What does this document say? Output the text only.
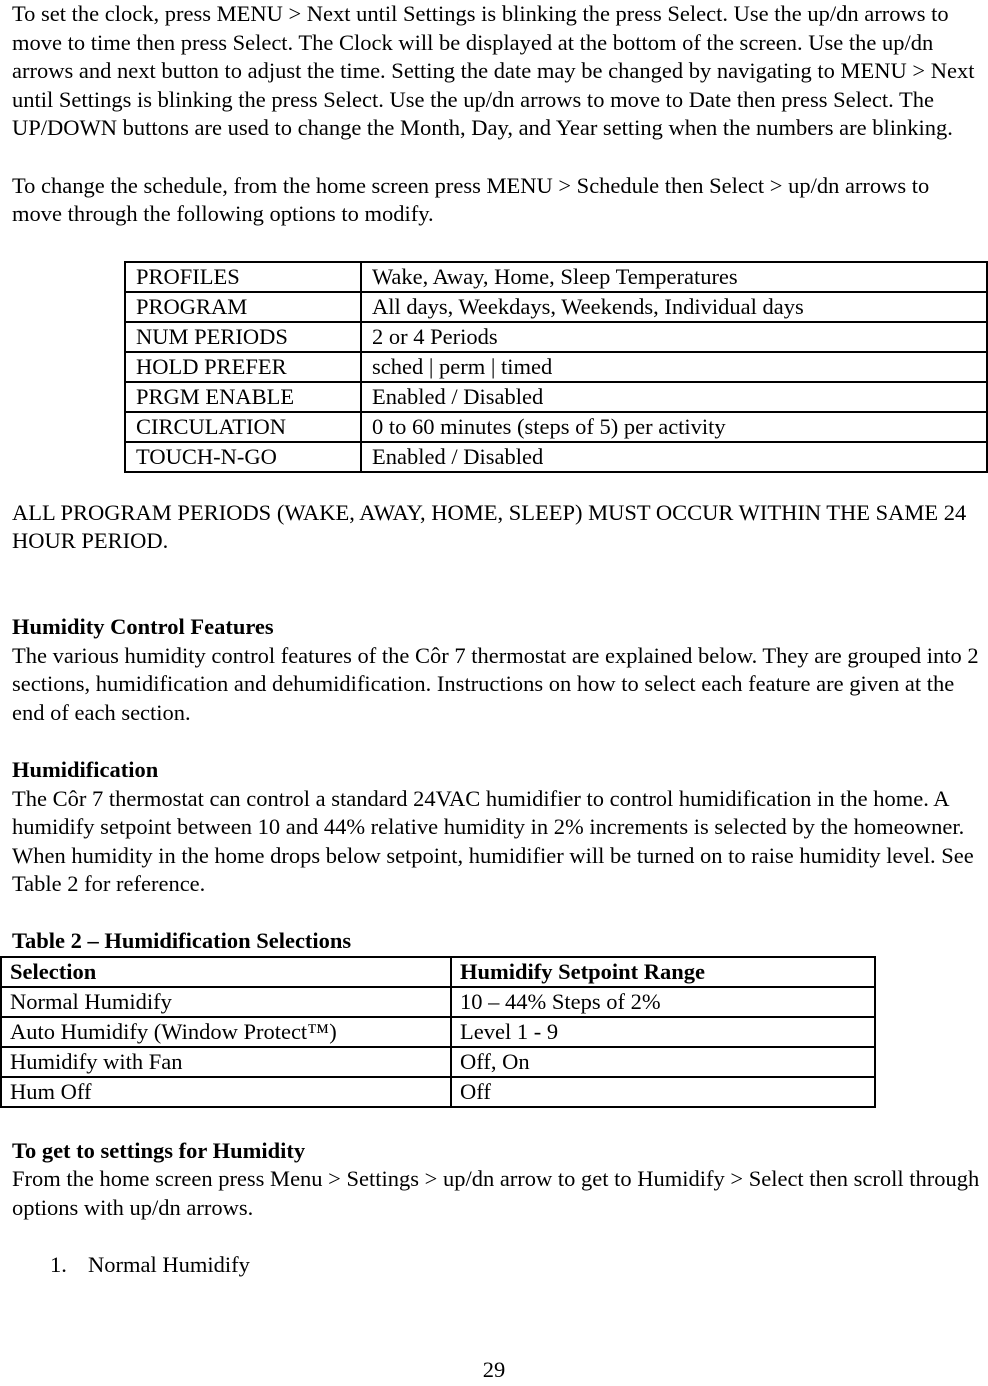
To set the clock, press MENU > Next until Settings is blinking the press Select. Use the up/dn arrows to move to time then press Select. The Clock will be displayed at the bottom of the screen. Use the up/dn arrows and next button to adjust the time. Setting the date may be changed by navigating to MENU > Next until Settings is blinking the press Select. Use the up/dn arrows to move to Date then press Select. The UP/DOWN buttons are used to change the Month, Day, and Year setting when the numbers are blinking.

To change the schedule, from the home screen press MENU > Schedule then Select > up/dn arrows to move through the following options to modify.

PROFILES	Wake, Away, Home, Sleep Temperatures
PROGRAM	All days, Weekdays, Weekends, Individual days
NUM PERIODS	2 or 4 Periods
HOLD PREFER	sched | perm | timed
PRGM ENABLE	Enabled / Disabled
CIRCULATION	0 to 60 minutes (steps of 5) per activity
TOUCH-N-GO	Enabled / Disabled

ALL PROGRAM PERIODS (WAKE, AWAY, HOME, SLEEP) MUST OCCUR WITHIN THE SAME 24 HOUR PERIOD.

Humidity Control Features

The various humidity control features of the Côr 7 thermostat are explained below. They are grouped into 2 sections, humidification and dehumidification. Instructions on how to select each feature are given at the end of each section.

Humidification

The Côr 7 thermostat can control a standard 24VAC humidifier to control humidification in the home. A humidify setpoint between 10 and 44% relative humidity in 2% increments is selected by the homeowner. When humidity in the home drops below setpoint, humidifier will be turned on to raise humidity level. See Table 2 for reference.

Table 2 – Humidification Selections

Selection	Humidify Setpoint Range
Normal Humidify	10 – 44% Steps of 2%
Auto Humidify (Window Protect™)	Level 1 - 9
Humidify with Fan	Off, On
Hum Off	Off

To get to settings for Humidity

From the home screen press Menu > Settings > up/dn arrow to get to Humidify > Select then scroll through options with up/dn arrows.

1. Normal Humidify

29
